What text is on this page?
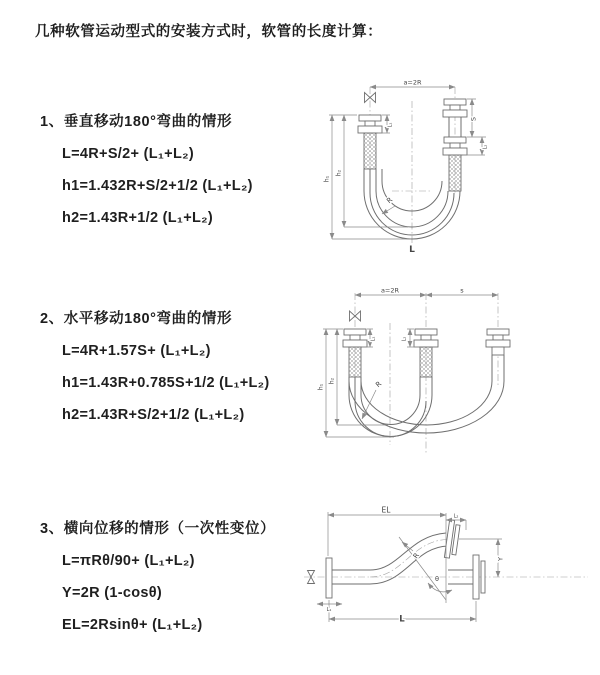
几种软管运动型式的安装方式时，软管的长度计算：
1、垂直移动180°弯曲的情形
L=4R+S/2+ (L₁+L₂)
h1=1.432R+S/2+1/2 (L₁+L₂)
h2=1.43R+1/2 (L₁+L₂)
2、水平移动180°弯曲的情形
L=4R+1.57S+ (L₁+L₂)
h1=1.43R+0.785S+1/2 (L₁+L₂)
h2=1.43R+S/2+1/2 (L₁+L₂)
3、横向位移的情形（一次性变位）
L=πRθ/90+ (L₁+L₂)
Y=2R (1-cosθ)
EL=2Rsinθ+ (L₁+L₂)
a=2R
h₁
h₂
L₁
S
L₂
R
L
a=2R	s
h₁
h₂
L₁	L₂
R
EL
L₂
Y
L
L₁
θ
R
